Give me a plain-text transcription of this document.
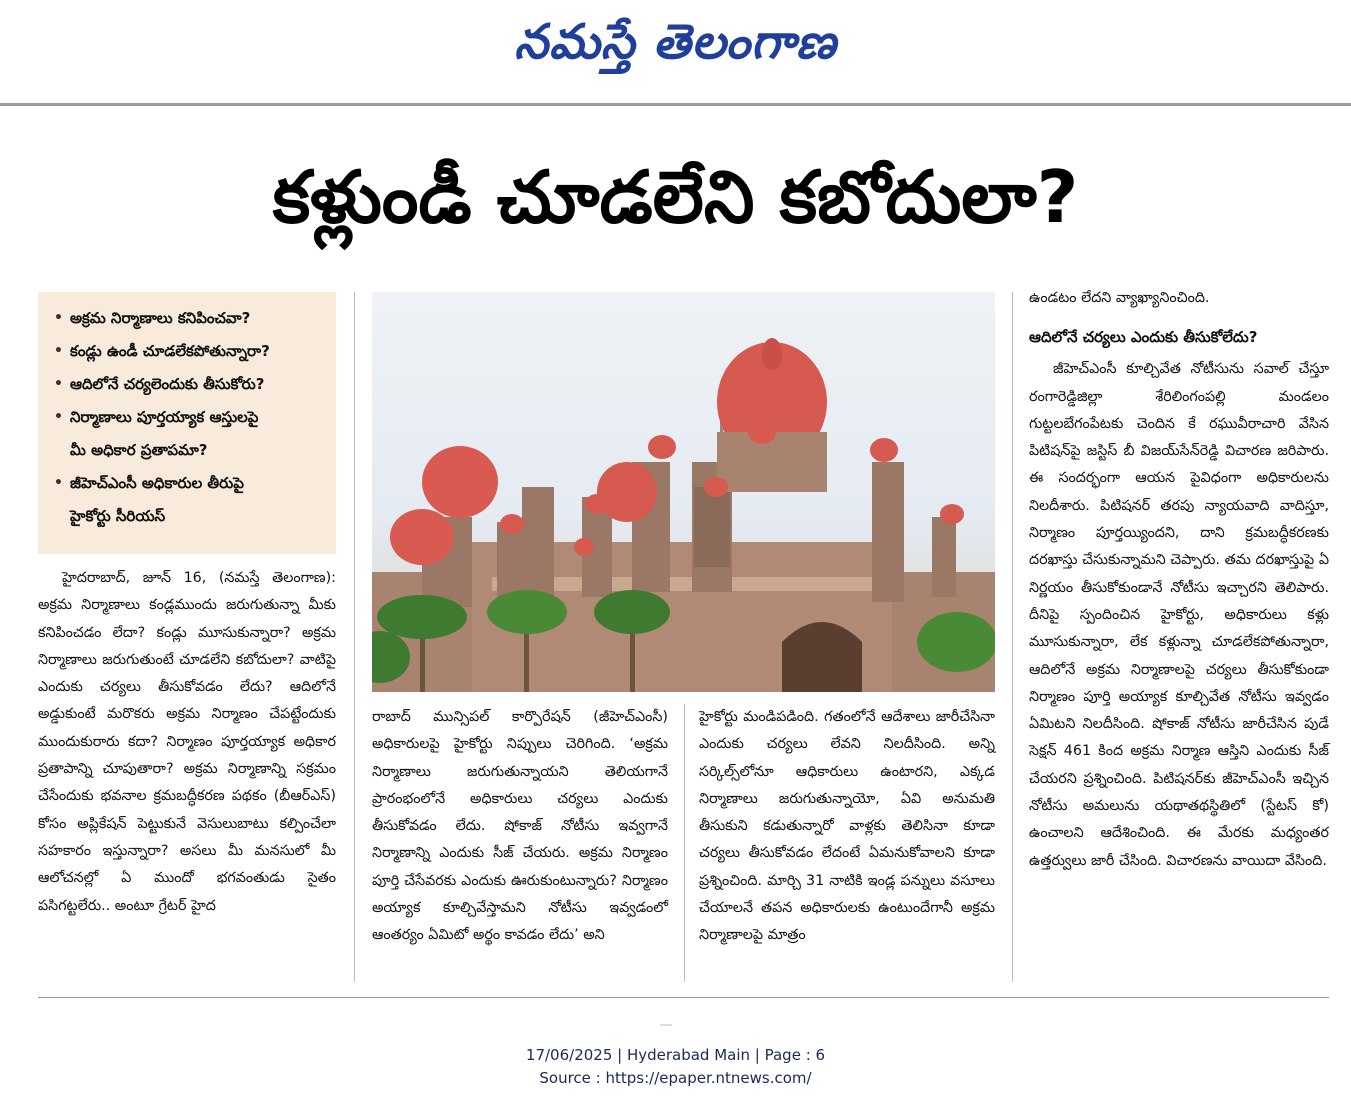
నమస్తే తెలంగాణ
కళ్లుండీ చూడలేని కబోదులా?
• అక్రమ నిర్మాణాలు కనిపించవా?
• కండ్లు ఉండీ చూడలేకపోతున్నారా?
• ఆదిలోనే చర్యలెందుకు తీసుకోరు?
• నిర్మాణాలు పూర్తయ్యాక ఆస్తులపై
మీ అధికార ప్రతాపమా?
• జీహెచ్‌ఎంసీ అధికారుల తీరుపై
హైకోర్టు సీరియస్

హైదరాబాద్, జూన్ 16, (నమస్తే తెలంగాణ): అక్రమ నిర్మాణాలు కండ్లముందు జరుగుతున్నా మీకు కనిపించడం లేదా? కండ్లు మూసుకున్నారా? అక్రమ నిర్మాణాలు జరుగుతుంటే చూడలేని కబోదులా? వాటిపై ఎందుకు చర్యలు తీసుకోవడం లేదు? ఆదిలోనే అడ్డుకుంటే మరొకరు అక్రమ నిర్మాణం చేపట్టేందుకు ముందుకురారు కదా? నిర్మాణం పూర్తయ్యాక అధికార ప్రతాపాన్ని చూపుతారా? అక్రమ నిర్మాణాన్ని సక్రమం చేసేందుకు భవనాల క్రమబద్ధీకరణ పథకం (బీఆర్‌ఎస్) కోసం అప్లికేషన్ పెట్టుకునే వెసులుబాటు కల్పించేలా సహకారం ఇస్తున్నారా? అసలు మీ మనసులో మీ ఆలోచనల్లో ఏ ముందో భగవంతుడు సైతం పసిగట్టలేరు.. అంటూ గ్రేటర్ హైద

రాబాద్ మున్సిపల్ కార్పొరేషన్ (జీహెచ్‌ఎంసీ) అధికారులపై హైకోర్టు నిప్పులు చెరిగింది. ‘అక్రమ నిర్మాణాలు జరుగుతున్నాయని తెలియగానే ప్రారంభంలోనే అధికారులు చర్యలు ఎందుకు తీసుకోవడం లేదు. షోకాజ్ నోటీసు ఇవ్వగానే నిర్మాణాన్ని ఎందుకు సీజ్ చేయరు. అక్రమ నిర్మాణం పూర్తి చేసేవరకు ఎందుకు ఊరుకుంటున్నారు? నిర్మాణం అయ్యాక కూల్చివేస్తామని నోటీసు ఇవ్వడంలో ఆంతర్యం ఏమిటో అర్థం కావడం లేదు’ అని

హైకోర్టు మండిపడింది. గతంలోనే ఆదేశాలు జారీచేసినా ఎందుకు చర్యలు లేవని నిలదీసింది. అన్ని సర్కిల్స్‌లోనూ ఆధికారులు ఉంటారని, ఎక్కడ నిర్మాణాలు జరుగుతున్నాయో, ఏవి అనుమతి తీసుకుని కడుతున్నారో వాళ్లకు తెలిసినా కూడా చర్యలు తీసుకోవడం లేదంటే ఏమనుకోవాలని కూడా ప్రశ్నించింది. మార్చి 31 నాటికి ఇండ్ల పన్నులు వసూలు చేయాలనే తపన అధికారులకు ఉంటుందేగానీ అక్రమ నిర్మాణాలపై మాత్రం

ఉండటం లేదని వ్యాఖ్యానించింది.

ఆదిలోనే చర్యలు ఎందుకు తీసుకోలేదు?

జీహెచ్‌ఎంసీ కూల్చివేత నోటీసును సవాల్ చేస్తూ రంగారెడ్డిజిల్లా శేరిలింగంపల్లి మండలం గుట్టలబేగంపేటకు చెందిన కే రఘువీరాచారి వేసిన పిటిషన్‌పై జస్టిస్ బీ విజయ్‌సేన్‌రెడ్డి విచారణ జరిపారు. ఈ సందర్భంగా ఆయన పైవిధంగా అధికారులను నిలదీశారు. పిటిషనర్ తరపు న్యాయవాది వాదిస్తూ, నిర్మాణం పూర్తయ్యిందని, దాని క్రమబద్ధీకరణకు దరఖాస్తు చేసుకున్నామని చెప్పారు. తమ దరఖాస్తుపై ఏ నిర్ణయం తీసుకోకుండానే నోటీసు ఇచ్చారని తెలిపారు. దీనిపై స్పందించిన హైకోర్టు, అధికారులు కళ్లు మూసుకున్నారా, లేక కళ్లున్నా చూడలేకపోతున్నారా, ఆదిలోనే అక్రమ నిర్మాణాలపై చర్యలు తీసుకోకుండా నిర్మాణం పూర్తి అయ్యాక కూల్చివేత నోటీసు ఇవ్వడం ఏమిటని నిలదీసింది. షోకాజ్ నోటీసు జారీచేసిన పుడే సెక్షన్ 461 కింద అక్రమ నిర్మాణ ఆస్తిని ఎందుకు సీజ్ చేయరని ప్రశ్నించింది. పిటిషనర్‌కు జీహెచ్‌ఎంసీ ఇచ్చిన నోటీసు అమలును యథాతథస్థితిలో (స్టేటస్ కో) ఉంచాలని ఆదేశించింది. ఈ మేరకు మధ్యంతర ఉత్తర్వులు జారీ చేసింది. విచారణను వాయిదా వేసింది.

17/06/2025 | Hyderabad Main | Page : 6
Source : https://epaper.ntnews.com/
